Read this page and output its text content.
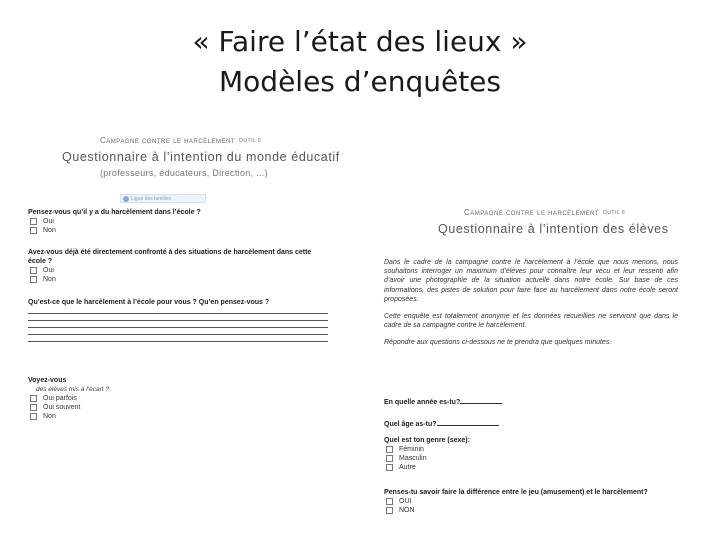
« Faire l’état des lieux »
Modèles d’enquêtes
Campagne contre le harcèlement OUTIL 5
Questionnaire à l’intention du monde éducatif
(professeurs, éducateurs, Direction, ...)
Ligue des familles
Pensez-vous qu’il y a du harcèlement dans l’école ?
Oui
Non
Avez-vous déjà été directement confronté à des situations de harcèlement dans cette école ?
Oui
Non
Qu’est-ce que le harcèlement à l’école pour vous ? Qu’en pensez-vous ?
Voyez-vous
des élèves mis à l’écart ?
Oui parfois
Oui souvent
Non
Campagne contre le harcèlement OUTIL 6
Questionnaire à l’intention des élèves
Dans le cadre de la campagne contre le harcèlement à l’école que nous menons, nous souhaitons interroger un maximum d’élèves pour connaître leur vécu et leur ressenti afin d’avoir une photographie de la situation actuelle dans notre école. Sur base de ces informations, des pistes de solution pour faire face au harcèlement dans notre école seront proposées.
Cette enquête est totalement anonyme et les données recueillies ne serviront que dans le cadre de sa campagne contre le harcèlement.
Répondre aux questions ci-dessous ne te prendra que quelques minutes.
En quelle année es-tu?
Quel âge as-tu?
Quel est ton genre (sexe):
Féminin
Masculin
Autre
Penses-tu savoir faire la différence entre le jeu (amusement) et le harcèlement?
OUI
NON
